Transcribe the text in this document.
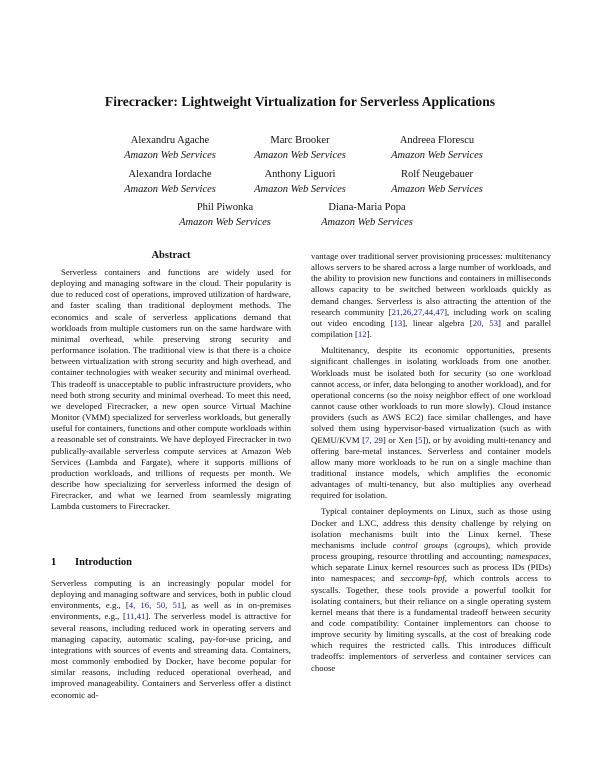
Firecracker: Lightweight Virtualization for Serverless Applications
Alexandru Agache
Amazon Web Services
Marc Brooker
Amazon Web Services
Andreea Florescu
Amazon Web Services
Alexandra Iordache
Amazon Web Services
Anthony Liguori
Amazon Web Services
Rolf Neugebauer
Amazon Web Services
Phil Piwonka
Amazon Web Services
Diana-Maria Popa
Amazon Web Services
Abstract

Serverless containers and functions are widely used for deploying and managing software in the cloud. Their popularity is due to reduced cost of operations, improved utilization of hardware, and faster scaling than traditional deployment methods. The economics and scale of serverless applications demand that workloads from multiple customers run on the same hardware with minimal overhead, while preserving strong security and performance isolation. The traditional view is that there is a choice between virtualization with strong security and high overhead, and container technologies with weaker security and minimal overhead. This tradeoff is unacceptable to public infrastructure providers, who need both strong security and minimal overhead. To meet this need, we developed Firecracker, a new open source Virtual Machine Monitor (VMM) specialized for serverless workloads, but generally useful for containers, functions and other compute workloads within a reasonable set of constraints. We have deployed Firecracker in two publically-available serverless compute services at Amazon Web Services (Lambda and Fargate), where it supports millions of production workloads, and trillions of requests per month. We describe how specializing for serverless informed the design of Firecracker, and what we learned from seamlessly migrating Lambda customers to Firecracker.

1 Introduction

Serverless computing is an increasingly popular model for deploying and managing software and services, both in public cloud environments, e.g., [4, 16, 50, 51], as well as in on-premises environments, e.g., [11,41]. The serverless model is attractive for several reasons, including reduced work in operating servers and managing capacity, automatic scaling, pay-for-use pricing, and integrations with sources of events and streaming data. Containers, most commonly embodied by Docker, have become popular for similar reasons, including reduced operational overhead, and improved manageability. Containers and Serverless offer a distinct economic ad-

vantage over traditional server provisioning processes: multitenancy allows servers to be shared across a large number of workloads, and the ability to provision new functions and containers in milliseconds allows capacity to be switched between workloads quickly as demand changes. Serverless is also attracting the attention of the research community [21,26,27,44,47], including work on scaling out video encoding [13], linear algebra [20, 53] and parallel compilation [12].

Multitenancy, despite its economic opportunities, presents significant challenges in isolating workloads from one another. Workloads must be isolated both for security (so one workload cannot access, or infer, data belonging to another workload), and for operational concerns (so the noisy neighbor effect of one workload cannot cause other workloads to run more slowly). Cloud instance providers (such as AWS EC2) face similar challenges, and have solved them using hypervisor-based virtualization (such as with QEMU/KVM [7, 29] or Xen [5]), or by avoiding multi-tenancy and offering bare-metal instances. Serverless and container models allow many more workloads to be run on a single machine than traditional instance models, which amplifies the economic advantages of multi-tenancy, but also multiplies any overhead required for isolation.

Typical container deployments on Linux, such as those using Docker and LXC, address this density challenge by relying on isolation mechanisms built into the Linux kernel. These mechanisms include control groups (cgroups), which provide process grouping, resource throttling and accounting; namespaces, which separate Linux kernel resources such as process IDs (PIDs) into namespaces; and seccomp-bpf, which controls access to syscalls. Together, these tools provide a powerful toolkit for isolating containers, but their reliance on a single operating system kernel means that there is a fundamental tradeoff between security and code compatibility. Container implementors can choose to improve security by limiting syscalls, at the cost of breaking code which requires the restricted calls. This introduces difficult tradeoffs: implementors of serverless and container services can choose
